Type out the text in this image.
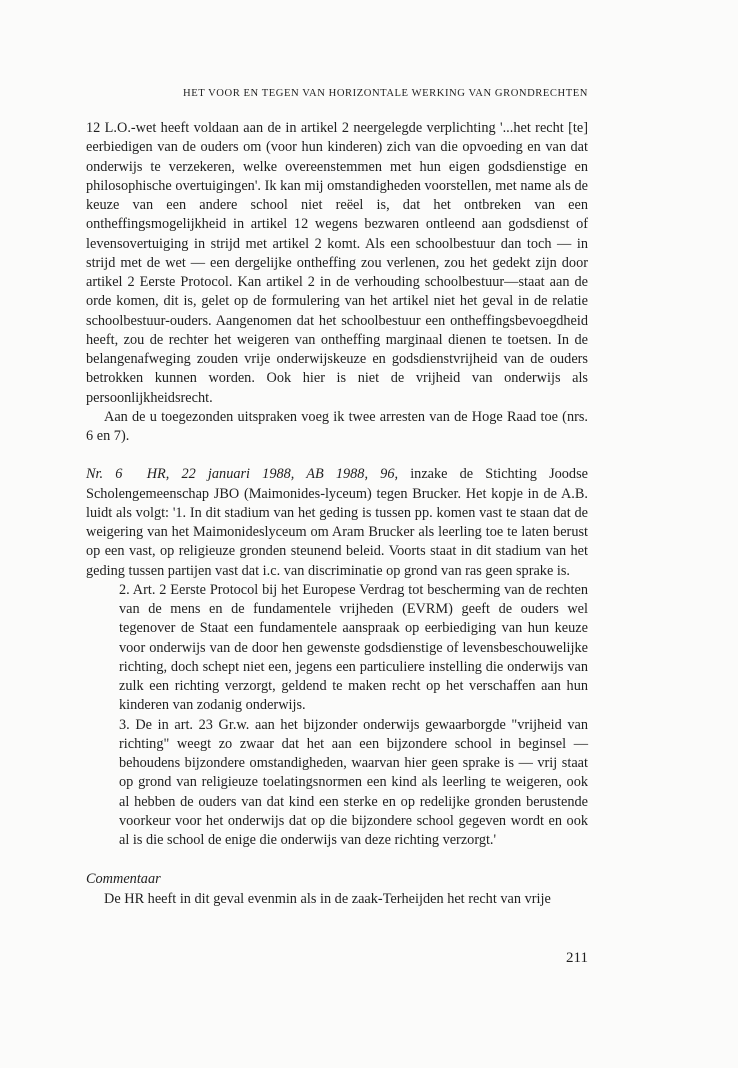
HET VOOR EN TEGEN VAN HORIZONTALE WERKING VAN GRONDRECHTEN

12 L.O.-wet heeft voldaan aan de in artikel 2 neergelegde verplichting '...het recht [te] eerbiedigen van de ouders om (voor hun kinderen) zich van die opvoeding en van dat onderwijs te verzekeren, welke overeenstemmen met hun eigen godsdienstige en philosophische overtuigingen'. Ik kan mij omstandigheden voorstellen, met name als de keuze van een andere school niet reëel is, dat het ontbreken van een ontheffingsmogelijkheid in artikel 12 wegens bezwaren ontleend aan godsdienst of levensovertuiging in strijd met artikel 2 komt. Als een schoolbestuur dan toch — in strijd met de wet — een dergelijke ontheffing zou verlenen, zou het gedekt zijn door artikel 2 Eerste Protocol. Kan artikel 2 in de verhouding schoolbestuur—staat aan de orde komen, dit is, gelet op de formulering van het artikel niet het geval in de relatie schoolbestuur-ouders. Aangenomen dat het schoolbestuur een ontheffingsbevoegdheid heeft, zou de rechter het weigeren van ontheffing marginaal dienen te toetsen. In de belangenafweging zouden vrije onderwijskeuze en godsdienstvrijheid van de ouders betrokken kunnen worden. Ook hier is niet de vrijheid van onderwijs als persoonlijkheidsrecht.

Aan de u toegezonden uitspraken voeg ik twee arresten van de Hoge Raad toe (nrs. 6 en 7).

Nr. 6 HR, 22 januari 1988, AB 1988, 96, inzake de Stichting Joodse Scholengemeenschap JBO (Maimonides-lyceum) tegen Brucker. Het kopje in de A.B. luidt als volgt: '1. In dit stadium van het geding is tussen pp. komen vast te staan dat de weigering van het Maimonideslyceum om Aram Brucker als leerling toe te laten berust op een vast, op religieuze gronden steunend beleid. Voorts staat in dit stadium van het geding tussen partijen vast dat i.c. van discriminatie op grond van ras geen sprake is.

2. Art. 2 Eerste Protocol bij het Europese Verdrag tot bescherming van de rechten van de mens en de fundamentele vrijheden (EVRM) geeft de ouders wel tegenover de Staat een fundamentele aanspraak op eerbiediging van hun keuze voor onderwijs van de door hen gewenste godsdienstige of levensbeschouwelijke richting, doch schept niet een, jegens een particuliere instelling die onderwijs van zulk een richting verzorgt, geldend te maken recht op het verschaffen aan hun kinderen van zodanig onderwijs.

3. De in art. 23 Gr.w. aan het bijzonder onderwijs gewaarborgde "vrijheid van richting" weegt zo zwaar dat het aan een bijzondere school in beginsel — behoudens bijzondere omstandigheden, waarvan hier geen sprake is — vrij staat op grond van religieuze toelatingsnormen een kind als leerling te weigeren, ook al hebben de ouders van dat kind een sterke en op redelijke gronden berustende voorkeur voor het onderwijs dat op die bijzondere school gegeven wordt en ook al is die school de enige die onderwijs van deze richting verzorgt.'

Commentaar

De HR heeft in dit geval evenmin als in de zaak-Terheijden het recht van vrije

211
